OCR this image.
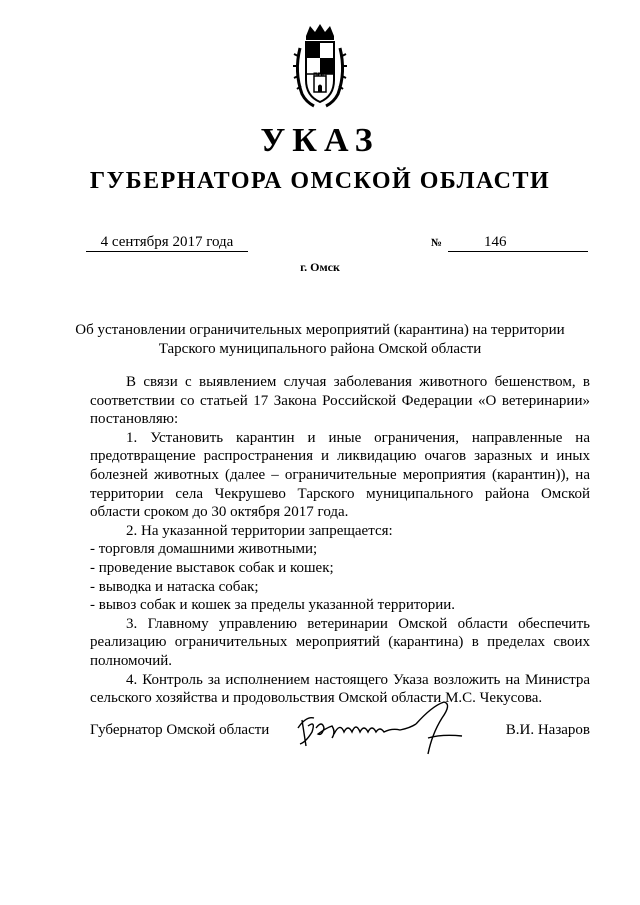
УКАЗ
ГУБЕРНАТОРА ОМСКОЙ ОБЛАСТИ
4 сентября 2017 года	№	146
г. Омск
Об установлении ограничительных мероприятий (карантина) на территории
Тарского муниципального района Омской области

В связи с выявлением случая заболевания животного бешенством, в соответствии со статьей 17 Закона Российской Федерации «О ветеринарии» постановляю:

1. Установить карантин и иные ограничения, направленные на предотвращение распространения и ликвидацию очагов заразных и иных болезней животных (далее – ограничительные мероприятия (карантин)), на территории села Чекрушево Тарского муниципального района Омской области сроком до 30 октября 2017 года.

2. На указанной территории запрещается:

- торговля домашними животными;

- проведение выставок собак и кошек;

- выводка и натаска собак;

- вывоз собак и кошек за пределы указанной территории.

3. Главному управлению ветеринарии Омской области обеспечить реализацию ограничительных мероприятий (карантина) в пределах своих полномочий.

4. Контроль за исполнением настоящего Указа возложить на Министра сельского хозяйства и продовольствия Омской области М.С. Чекусова.

Губернатор Омской области	В.И. Назаров
